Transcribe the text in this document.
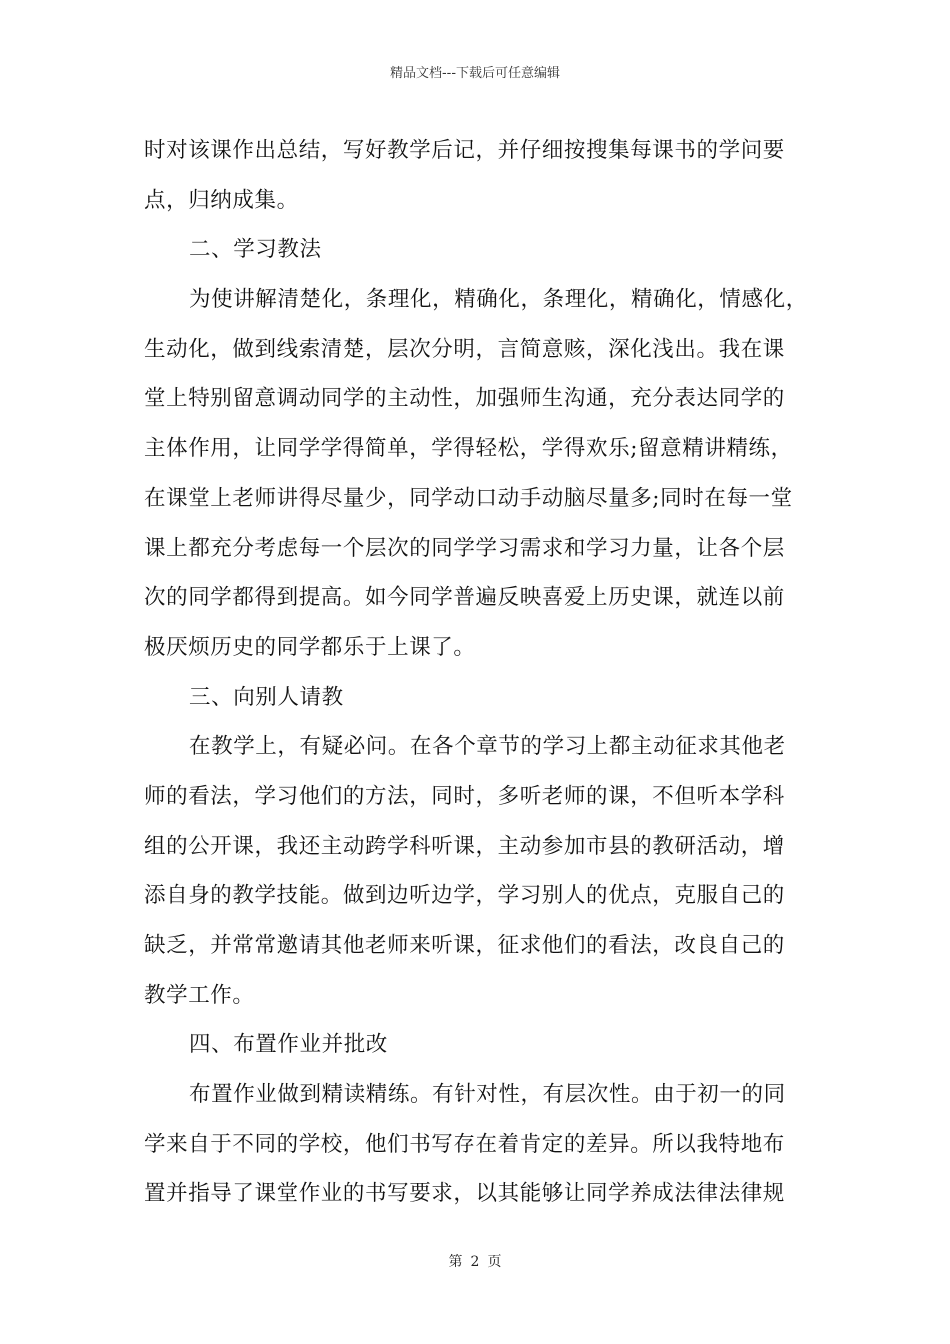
精品文档---下载后可任意编辑
时对该课作出总结，写好教学后记，并仔细按搜集每课书的学问要
点，归纳成集。
二、学习教法
为使讲解清楚化，条理化，精确化，条理化，精确化，情感化，
生动化，做到线索清楚，层次分明，言简意赅，深化浅出。我在课
堂上特别留意调动同学的主动性，加强师生沟通，充分表达同学的
主体作用，让同学学得简单，学得轻松，学得欢乐;留意精讲精练，
在课堂上老师讲得尽量少，同学动口动手动脑尽量多;同时在每一堂
课上都充分考虑每一个层次的同学学习需求和学习力量，让各个层
次的同学都得到提高。如今同学普遍反映喜爱上历史课，就连以前
极厌烦历史的同学都乐于上课了。
三、向别人请教
在教学上，有疑必问。在各个章节的学习上都主动征求其他老
师的看法，学习他们的方法，同时，多听老师的课，不但听本学科
组的公开课，我还主动跨学科听课，主动参加市县的教研活动，增
添自身的教学技能。做到边听边学，学习别人的优点，克服自己的
缺乏，并常常邀请其他老师来听课，征求他们的看法，改良自己的
教学工作。
四、布置作业并批改
布置作业做到精读精练。有针对性，有层次性。由于初一的同
学来自于不同的学校，他们书写存在着肯定的差异。所以我特地布
置并指导了课堂作业的书写要求，以其能够让同学养成法律法律规
第 2 页
